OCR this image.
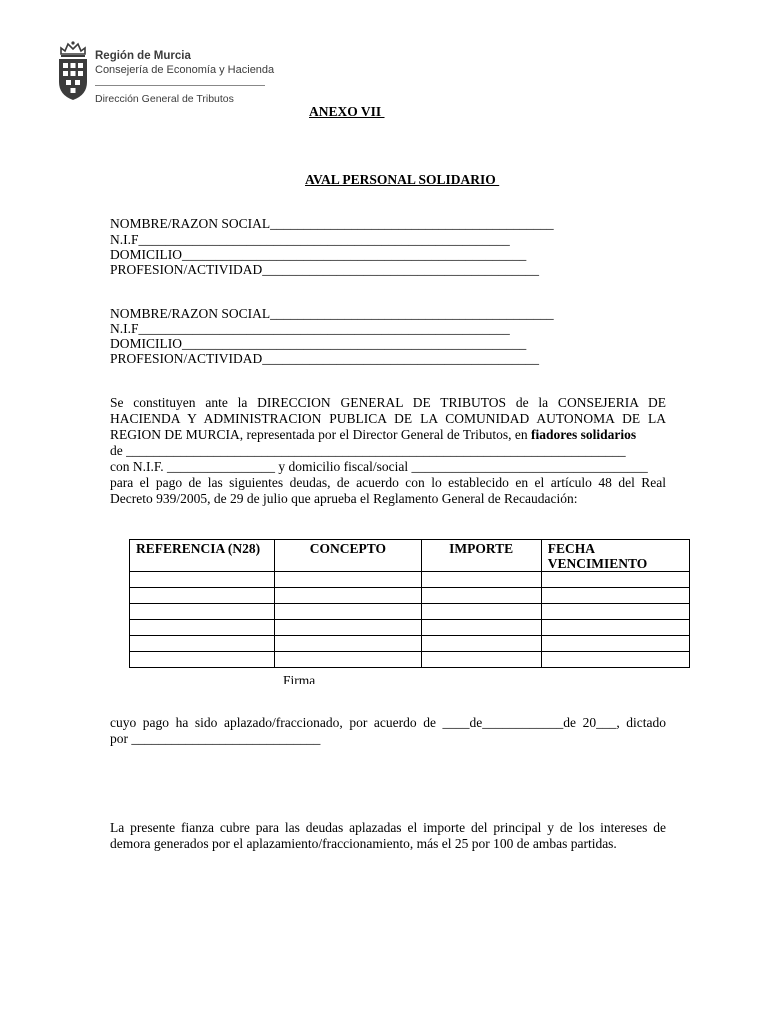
Región de Murcia
Consejería de Economía y Hacienda
Dirección General de Tributos
ANEXO VII
AVAL PERSONAL SOLIDARIO
NOMBRE/RAZON SOCIAL__________________________________________
N.I.F_______________________________________________________
DOMICILIO___________________________________________________
PROFESION/ACTIVIDAD_________________________________________
NOMBRE/RAZON SOCIAL__________________________________________
N.I.F_______________________________________________________
DOMICILIO___________________________________________________
PROFESION/ACTIVIDAD_________________________________________
Se constituyen ante la DIRECCION GENERAL DE TRIBUTOS de la CONSEJERIA DE
HACIENDA Y ADMINISTRACION PUBLICA DE LA COMUNIDAD AUTONOMA DE LA
REGION DE MURCIA, representada por el Director General de Tributos, en fiadores solidarios
de __________________________________________________________________________
con N.I.F. ________________ y domicilio fiscal/social ___________________________________
para el pago de las siguientes deudas, de acuerdo con lo establecido en el artículo 48 del Real
Decreto 939/2005, de 29 de julio que aprueba el Reglamento General de Recaudación:
REFERENCIA (N28)	CONCEPTO	IMPORTE	FECHA VENCIMIENTO

Firma
cuyo pago ha sido aplazado/fraccionado, por acuerdo de ____de____________de 20___, dictado
por ____________________________
La presente fianza cubre para las deudas aplazadas el importe del principal y de los intereses de
demora generados por el aplazamiento/fraccionamiento, más el 25 por 100 de ambas partidas.
